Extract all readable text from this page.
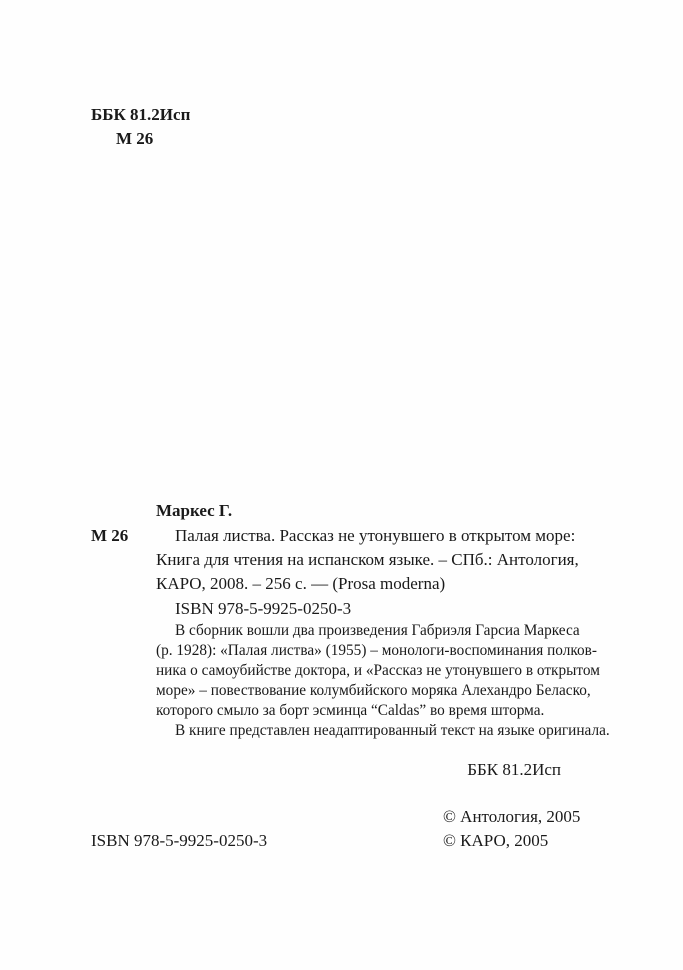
ББК 81.2Исп
М 26
Маркес Г.
М 26	Палая листва. Рассказ не утонувшего в открытом море:
Книга для чтения на испанском языке. – СПб.: Антология,
КАРО, 2008. – 256 с. — (Prosa moderna)
ISBN 978-5-9925-0250-3
В сборник вошли два произведения Габриэля Гарсиа Маркеса
(р. 1928): «Палая листва» (1955) – монологи-воспоминания полков-
ника о самоубийстве доктора, и «Рассказ не утонувшего в открытом
море» – повествование колумбийского моряка Алехандро Беласко,
которого смыло за борт эсминца “Caldas” во время шторма.
В книге представлен неадаптированный текст на языке оригинала.
ББК 81.2Исп
© Антология, 2005
© КАРО, 2005
ISBN 978-5-9925-0250-3
